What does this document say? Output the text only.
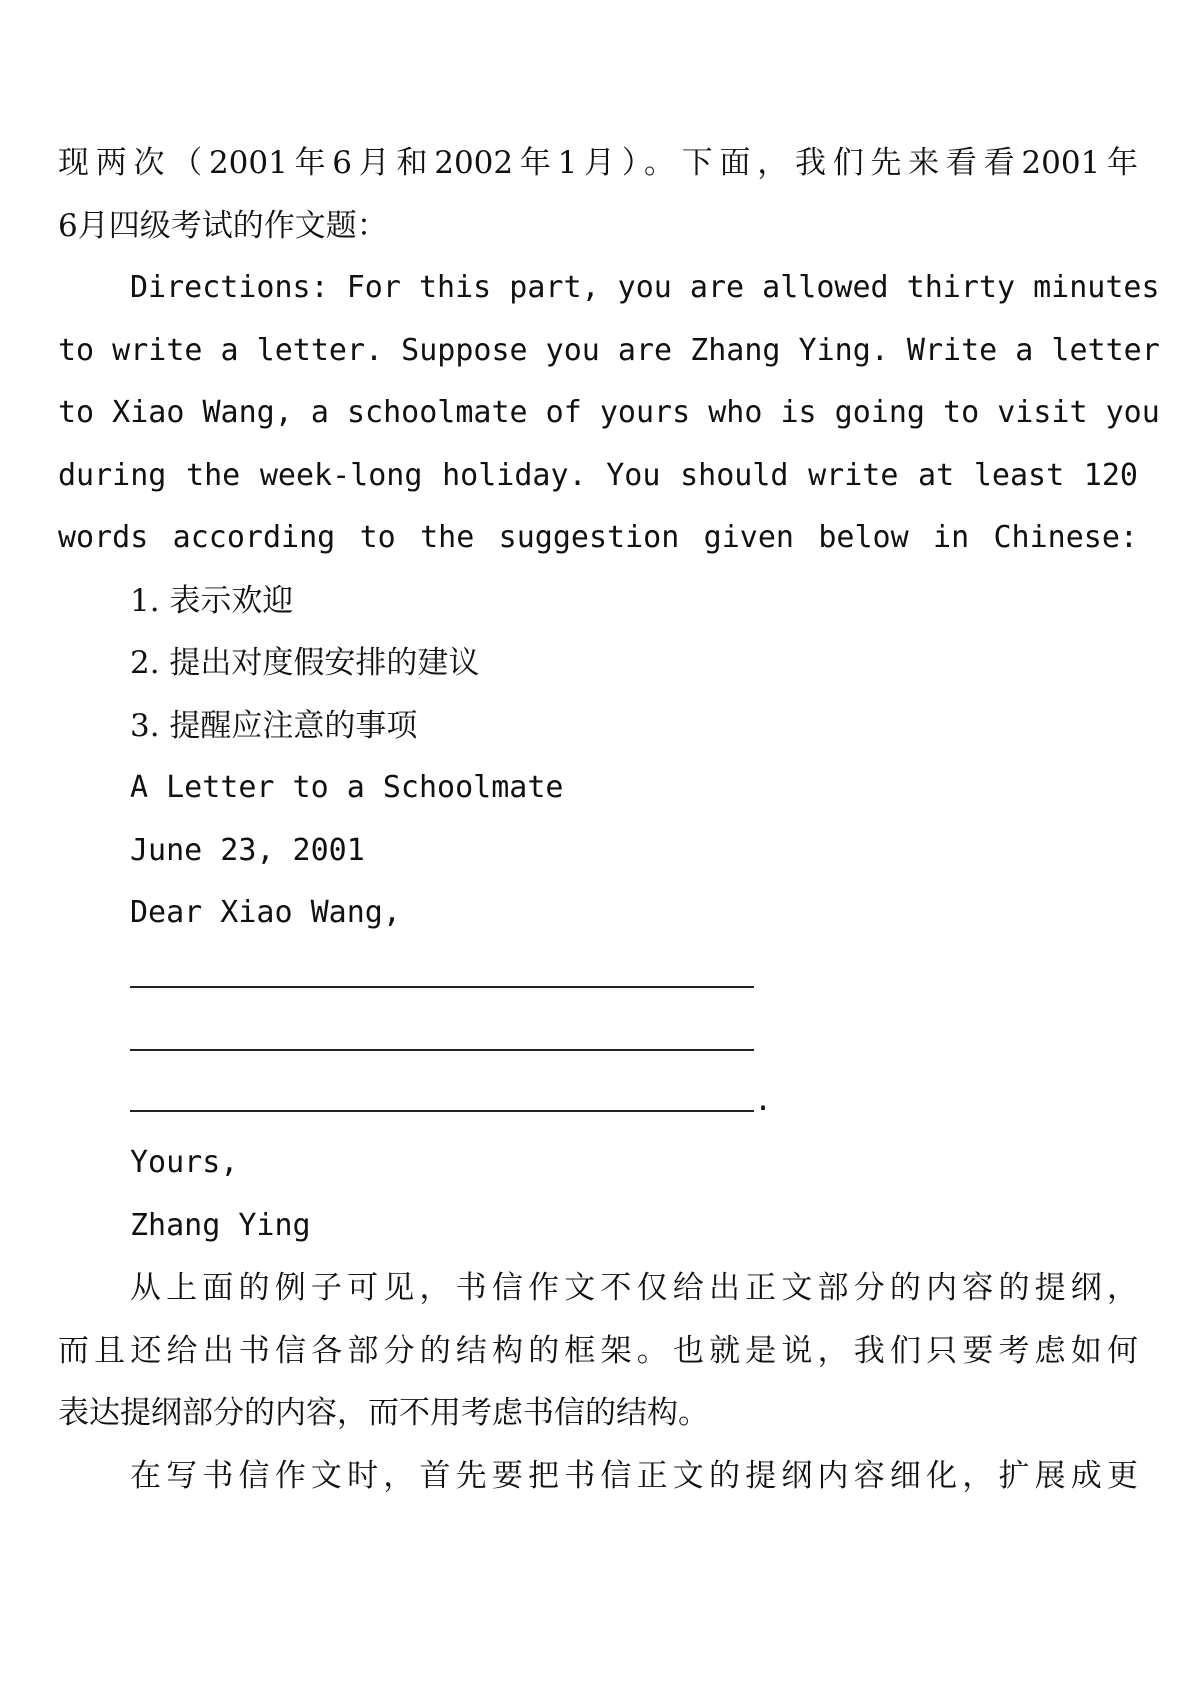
现两次（2001年6月和2002年1月）。下面，我们先来看看2001年

6月四级考试的作文题：

Directions: For this part, you are allowed thirty minutes

to write a letter. Suppose you are Zhang Ying. Write a letter

to Xiao Wang, a schoolmate of yours who is going to visit you

during the week-long holiday. You should write at least 120

words according to the suggestion given below in Chinese:

1. 表示欢迎

2. 提出对度假安排的建议

3. 提醒应注意的事项

A Letter to a Schoolmate

June 23, 2001

Dear Xiao Wang,

.

Yours,

Zhang Ying

从上面的例子可见，书信作文不仅给出正文部分的内容的提纲，

而且还给出书信各部分的结构的框架。也就是说，我们只要考虑如何

表达提纲部分的内容，而不用考虑书信的结构。

在写书信作文时，首先要把书信正文的提纲内容细化，扩展成更
